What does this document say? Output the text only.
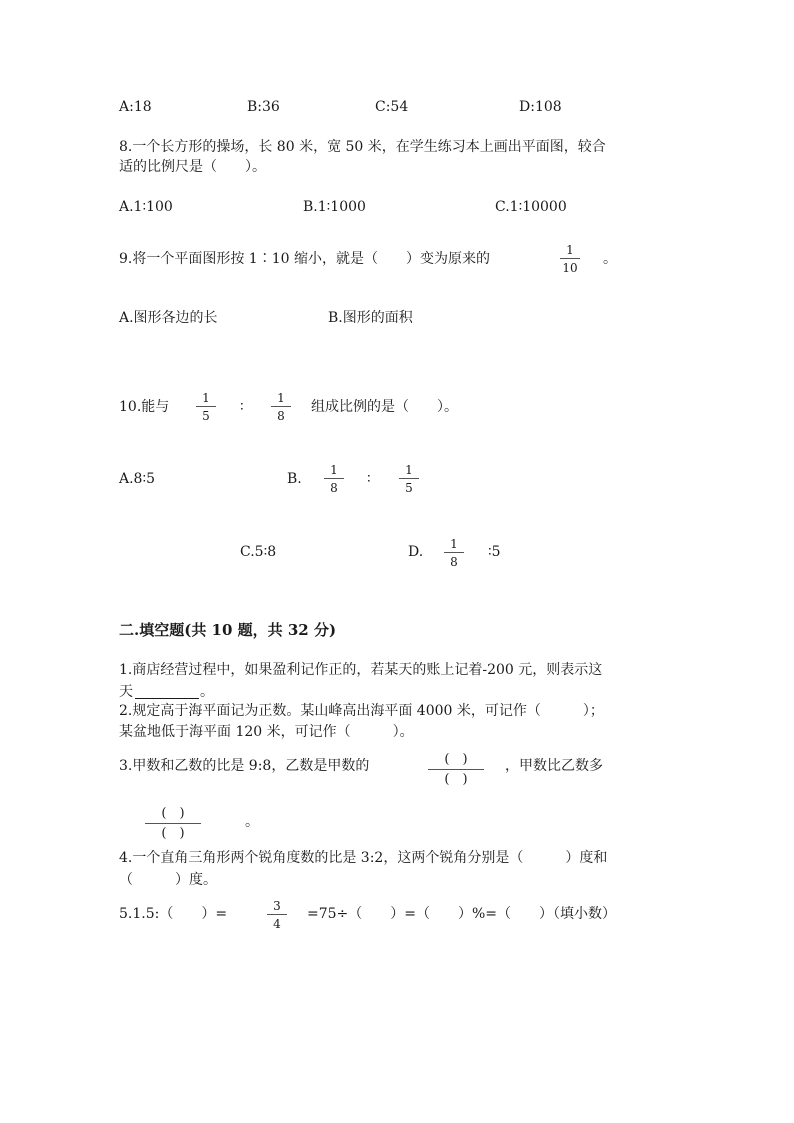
A:18	B:36	C:54	D:108
8.一个长方形的操场，长 80 米，宽 50 米，在学生练习本上画出平面图，较合
适的比例尺是（　　）。
A.1∶100	B.1∶1000	C.1∶10000
9.将一个平面图形按 1∶10 缩小，就是（　　）变为原来的
1
10
。
A.图形各边的长	B.图形的面积
10.能与
1
5
∶
1
8
组成比例的是（　　）。
A.8∶5	B.
1
8
∶
1
5
C.5∶8	D.	1
8
∶5
二.填空题(共 10 题，共 32 分)
1.商店经营过程中，如果盈利记作正的，若某天的账上记着-200 元，则表示这
天	。
2.规定高于海平面记为正数。某山峰高出海平面 4000 米，可记作（　　　）；
某盆地低于海平面 120 米，可记作（　　　）。
3.甲数和乙数的比是 9:8，乙数是甲数的	(　)
(　)
，甲数比乙数多
(　)
(　)
。
4.一个直角三角形两个锐角度数的比是 3:2，这两个锐角分别是（　　　）度和
（　　　）度。
5.1.5:（　　）=	3
4
=75÷（　　）=（　　）%=（　　）（填小数）
